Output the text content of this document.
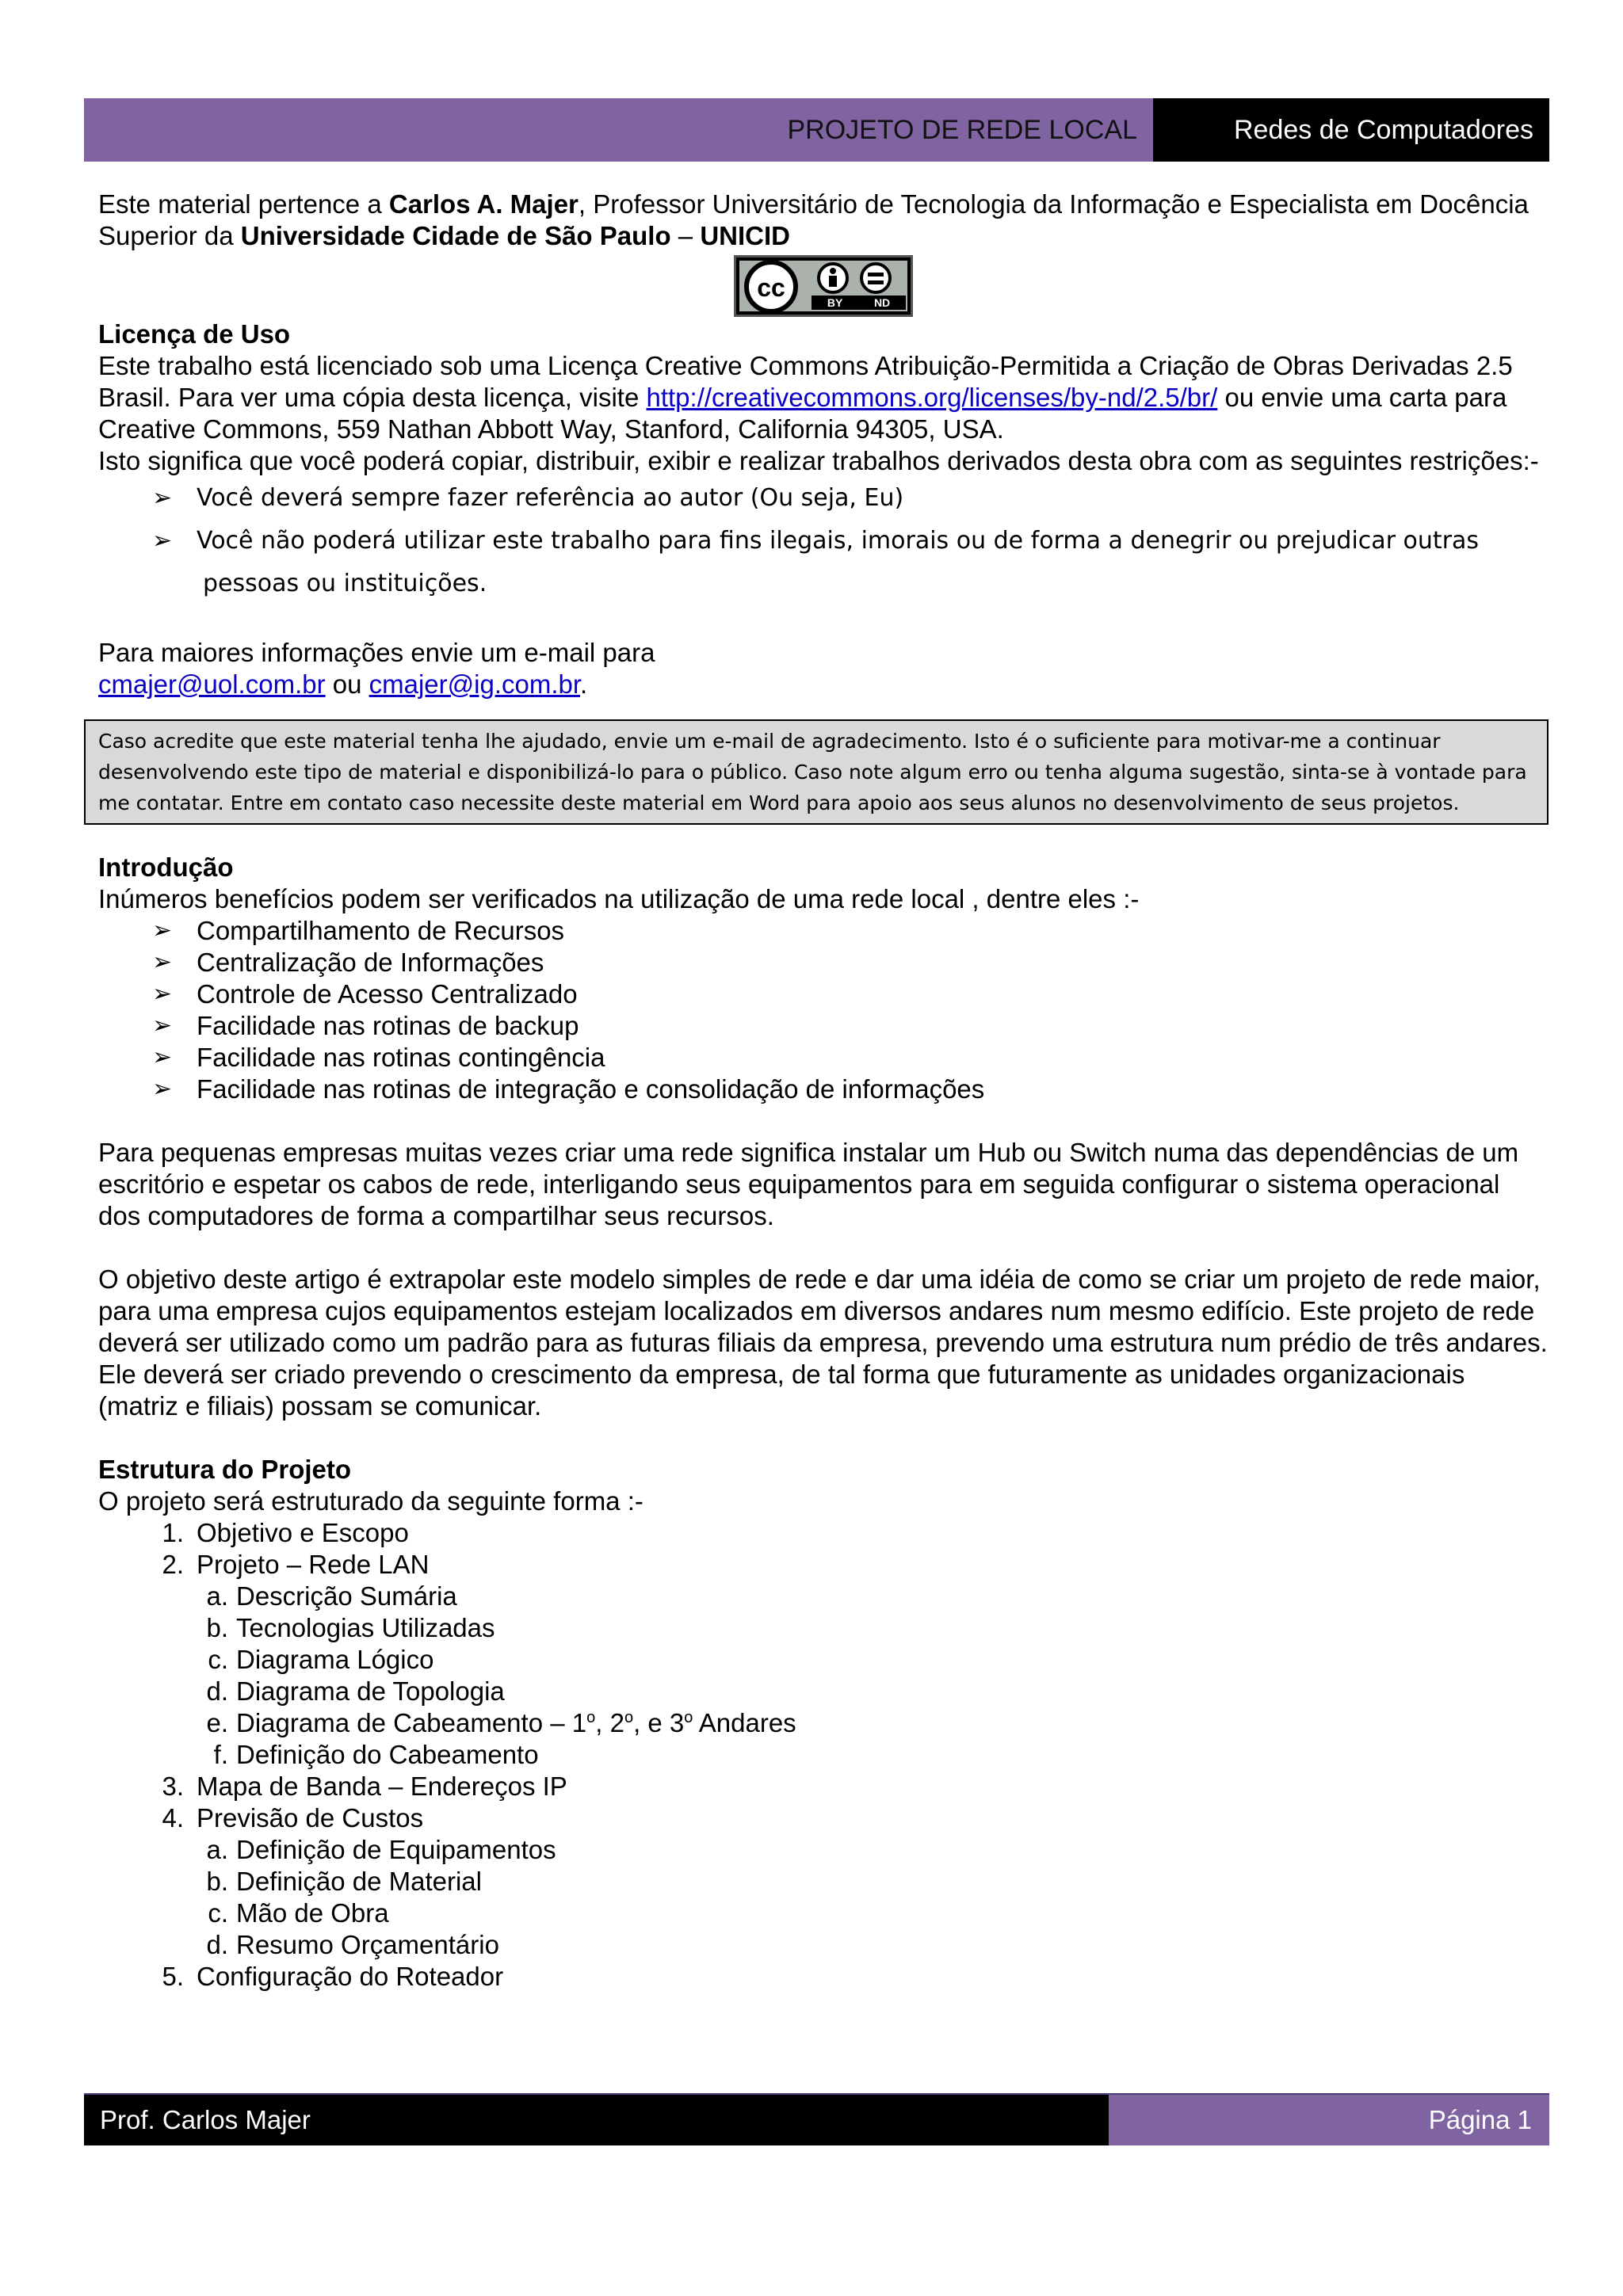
PROJETO DE REDE LOCAL	Redes de Computadores

Este material pertence a Carlos A. Majer, Professor Universitário de Tecnologia da Informação e Especialista em Docência Superior da Universidade Cidade de São Paulo – UNICID

cc
BY	ND

Licença de Uso

Este trabalho está licenciado sob uma Licença Creative Commons Atribuição-Permitida a Criação de Obras Derivadas 2.5 Brasil. Para ver uma cópia desta licença, visite http://creativecommons.org/licenses/by-nd/2.5/br/ ou envie uma carta para Creative Commons, 559 Nathan Abbott Way, Stanford, California 94305, USA.

Isto significa que você poderá copiar, distribuir, exibir e realizar trabalhos derivados desta obra com as seguintes restrições:-

➢ Você deverá sempre fazer referência ao autor (Ou seja, Eu)
➢ Você não poderá utilizar este trabalho para fins ilegais, imorais ou de forma a denegrir ou prejudicar outras
pessoas ou instituições.

Para maiores informações envie um e-mail para

cmajer@uol.com.br ou cmajer@ig.com.br.

Caso acredite que este material tenha lhe ajudado, envie um e-mail de agradecimento. Isto é o suficiente para motivar-me a continuar desenvolvendo este tipo de material e disponibilizá-lo para o público. Caso note algum erro ou tenha alguma sugestão, sinta-se à vontade para me contatar. Entre em contato caso necessite deste material em Word para apoio aos seus alunos no desenvolvimento de seus projetos.

Introdução

Inúmeros benefícios podem ser verificados na utilização de uma rede local , dentre eles :-

➢ Compartilhamento de Recursos
➢ Centralização de Informações
➢ Controle de Acesso Centralizado
➢ Facilidade nas rotinas de backup
➢ Facilidade nas rotinas contingência
➢ Facilidade nas rotinas de integração e consolidação de informações

Para pequenas empresas muitas vezes criar uma rede significa instalar um Hub ou Switch numa das dependências de um escritório e espetar os cabos de rede, interligando seus equipamentos para em seguida configurar o sistema operacional dos computadores de forma a compartilhar seus recursos.

O objetivo deste artigo é extrapolar este modelo simples de rede e dar uma idéia de como se criar um projeto de rede maior, para uma empresa cujos equipamentos estejam localizados em diversos andares num mesmo edifício. Este projeto de rede deverá ser utilizado como um padrão para as futuras filiais da empresa, prevendo uma estrutura num prédio de três andares. Ele deverá ser criado prevendo o crescimento da empresa, de tal forma que futuramente as unidades organizacionais (matriz e filiais) possam se comunicar.

Estrutura do Projeto

O projeto será estruturado da seguinte forma :-

1. Objetivo e Escopo
2. Projeto – Rede LAN
a. Descrição Sumária
b. Tecnologias Utilizadas
c. Diagrama Lógico
d. Diagrama de Topologia
e. Diagrama de Cabeamento – 1$^o$, 2$^o$, e 3$^o$ Andares
f. Definição do Cabeamento
3. Mapa de Banda – Endereços IP
4. Previsão de Custos
a. Definição de Equipamentos
b. Definição de Material
c. Mão de Obra
d. Resumo Orçamentário
5. Configuração do Roteador
Prof. Carlos Majer	Página 1
